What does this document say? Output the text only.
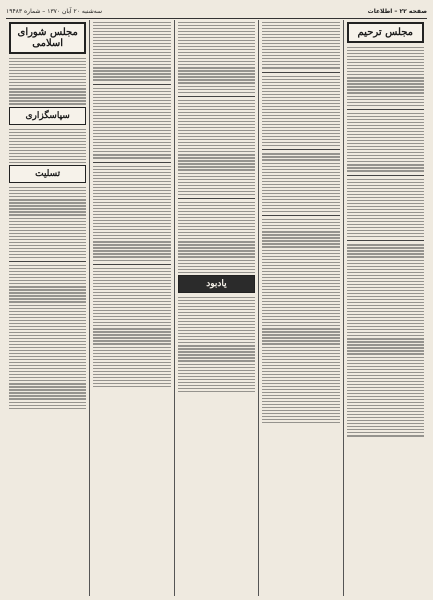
صفحه ۲۲ – اطلاعات
سه‌شنبه ۲۰ آبان ۱۳۷۰ – شماره ۱۹۴۸۳
مجلس ترحیم
یادبود
مجلس شورای اسلامی
سپاسگزاری
تسلیت
